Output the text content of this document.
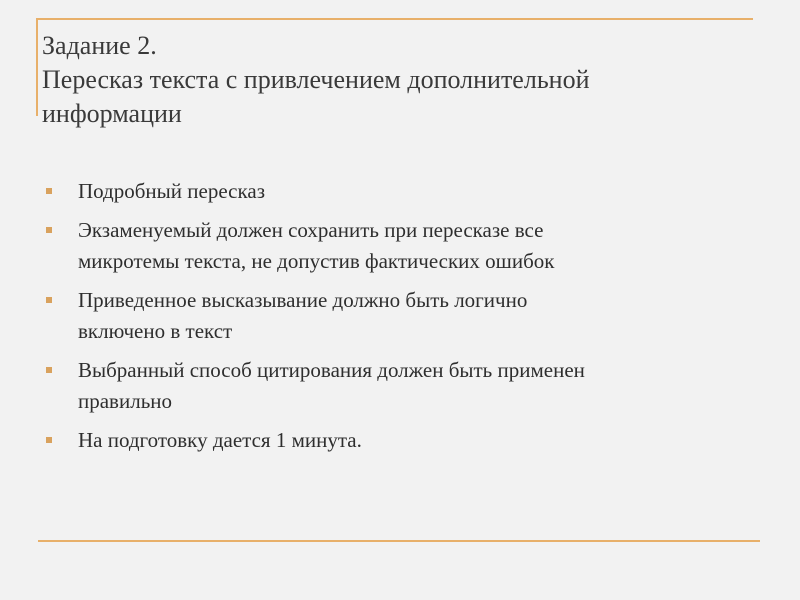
Задание 2.
Пересказ текста с привлечением дополнительной
информации
Подробный пересказ
Экзаменуемый должен сохранить при пересказе все
микротемы текста, не допустив фактических ошибок
Приведенное высказывание должно быть логично
включено в текст
Выбранный способ цитирования должен быть применен
правильно
На подготовку дается 1 минута.
